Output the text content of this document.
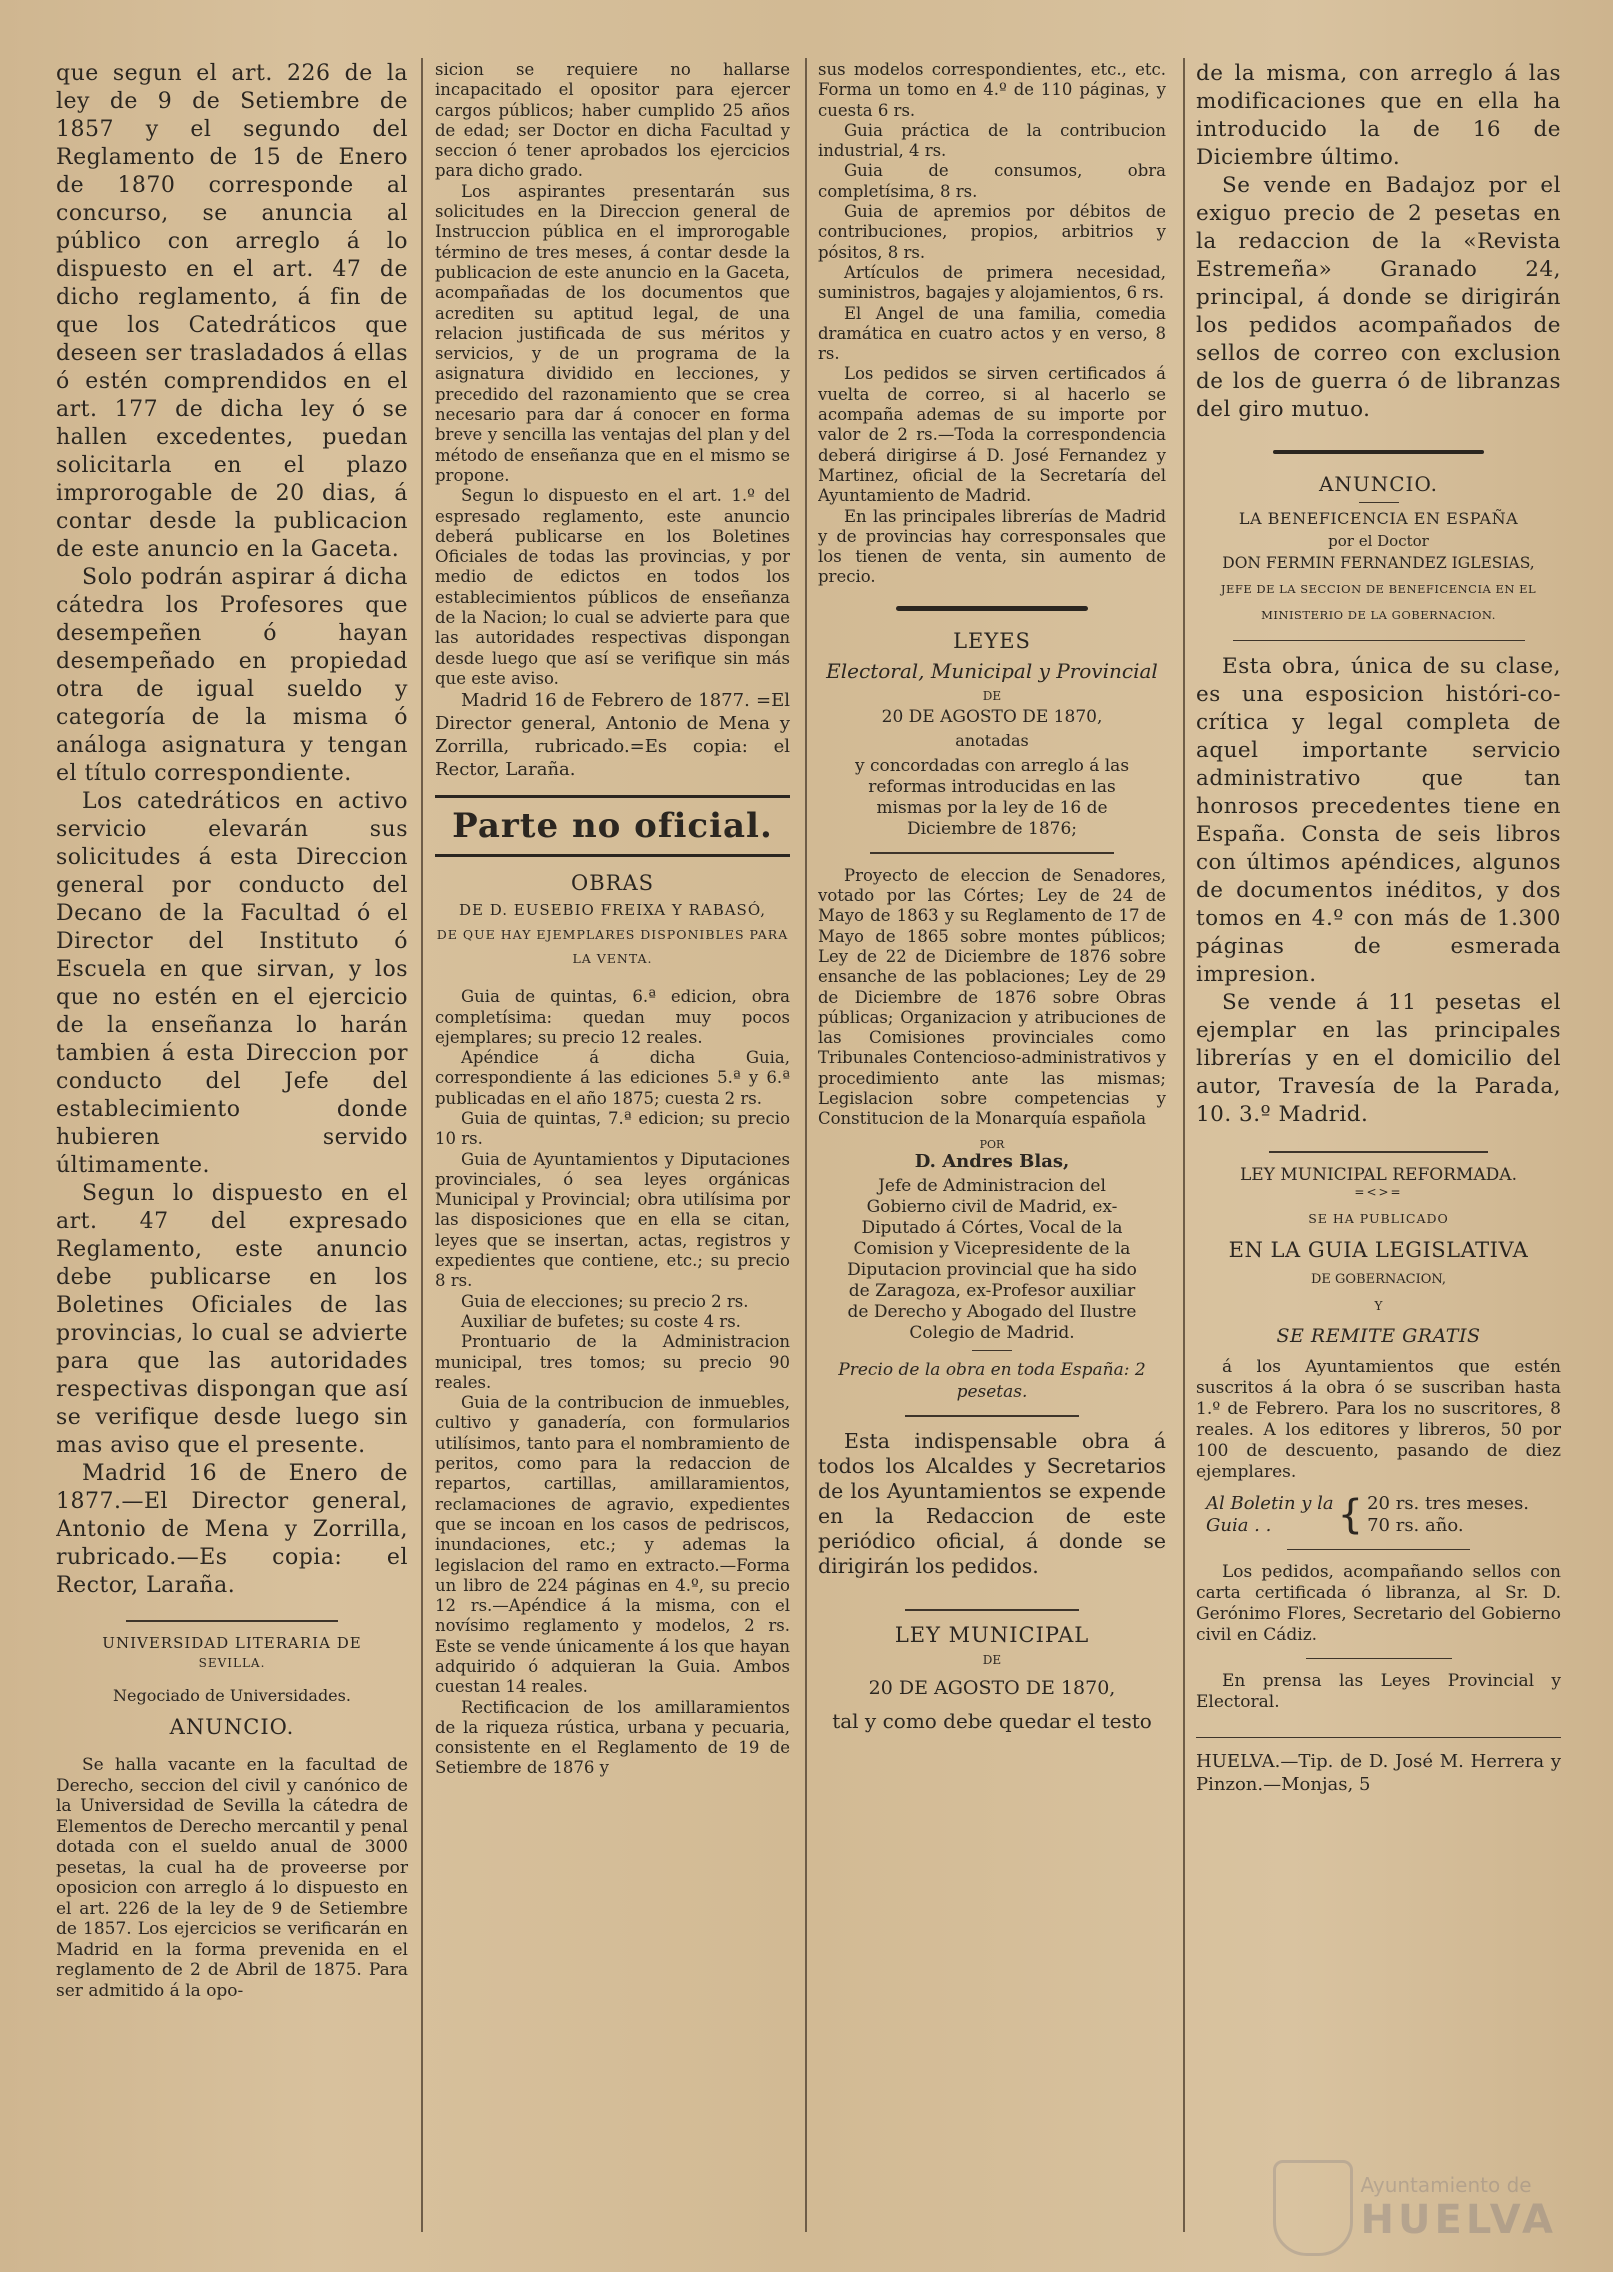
que segun el art. 226 de la ley de 9 de Setiembre de 1857 y el segundo del Reglamento de 15 de Enero de 1870 corresponde al concurso, se anuncia al público con arreglo á lo dispuesto en el art. 47 de dicho reglamento, á fin de que los Catedráticos que deseen ser trasladados á ellas ó estén comprendidos en el art. 177 de dicha ley ó se hallen excedentes, puedan solicitarla en el plazo improrogable de 20 dias, á contar desde la publicacion de este anuncio en la Gaceta.

Solo podrán aspirar á dicha cátedra los Profesores que desempeñen ó hayan desempeñado en propiedad otra de igual sueldo y categoría de la misma ó análoga asignatura y tengan el título correspondiente.

Los catedráticos en activo servicio elevarán sus solicitudes á esta Direccion general por conducto del Decano de la Facultad ó el Director del Instituto ó Escuela en que sirvan, y los que no estén en el ejercicio de la enseñanza lo harán tambien á esta Direccion por conducto del Jefe del establecimiento donde hubieren servido últimamente.

Segun lo dispuesto en el art. 47 del expresado Reglamento, este anuncio debe publicarse en los Boletines Oficiales de las provincias, lo cual se advierte para que las autoridades respectivas dispongan que así se verifique desde luego sin mas aviso que el presente.

Madrid 16 de Enero de 1877.—El Director general, Antonio de Mena y Zorrilla, rubricado.—Es copia: el Rector, Laraña.

UNIVERSIDAD LITERARIA DE
SEVILLA.
Negociado de Universidades.
ANUNCIO.

Se halla vacante en la facultad de Derecho, seccion del civil y canónico de la Universidad de Sevilla la cátedra de Elementos de Derecho mercantil y penal dotada con el sueldo anual de 3000 pesetas, la cual ha de proveerse por oposicion con arreglo á lo dispuesto en el art. 226 de la ley de 9 de Setiembre de 1857. Los ejercicios se verificarán en Madrid en la forma prevenida en el reglamento de 2 de Abril de 1875. Para ser admitido á la opo-

sicion se requiere no hallarse incapacitado el opositor para ejercer cargos públicos; haber cumplido 25 años de edad; ser Doctor en dicha Facultad y seccion ó tener aprobados los ejercicios para dicho grado.

Los aspirantes presentarán sus solicitudes en la Direccion general de Instruccion pública en el improrogable término de tres meses, á contar desde la publicacion de este anuncio en la Gaceta, acompañadas de los documentos que acrediten su aptitud legal, de una relacion justificada de sus méritos y servicios, y de un programa de la asignatura dividido en lecciones, y precedido del razonamiento que se crea necesario para dar á conocer en forma breve y sencilla las ventajas del plan y del método de enseñanza que en el mismo se propone.

Segun lo dispuesto en el art. 1.º del espresado reglamento, este anuncio deberá publicarse en los Boletines Oficiales de todas las provincias, y por medio de edictos en todos los establecimientos públicos de enseñanza de la Nacion; lo cual se advierte para que las autoridades respectivas dispongan desde luego que así se verifique sin más que este aviso.

Madrid 16 de Febrero de 1877. =El Director general, Antonio de Mena y Zorrilla, rubricado.=Es copia: el Rector, Laraña.

Parte no oficial.
OBRAS
DE D. EUSEBIO FREIXA Y RABASÓ,
DE QUE HAY EJEMPLARES DISPONIBLES PARA LA VENTA.

Guia de quintas, 6.ª edicion, obra completísima: quedan muy pocos ejemplares; su precio 12 reales.

Apéndice á dicha Guia, correspondiente á las ediciones 5.ª y 6.ª publicadas en el año 1875; cuesta 2 rs.

Guia de quintas, 7.ª edicion; su precio 10 rs.

Guia de Ayuntamientos y Diputaciones provinciales, ó sea leyes orgánicas Municipal y Provincial; obra utilísima por las disposiciones que en ella se citan, leyes que se insertan, actas, registros y expedientes que contiene, etc.; su precio 8 rs.

Guia de elecciones; su precio 2 rs.

Auxiliar de bufetes; su coste 4 rs.

Prontuario de la Administracion municipal, tres tomos; su precio 90 reales.

Guia de la contribucion de inmuebles, cultivo y ganadería, con formularios utilísimos, tanto para el nombramiento de peritos, como para la redaccion de repartos, cartillas, amillaramientos, reclamaciones de agravio, expedientes que se incoan en los casos de pedriscos, inundaciones, etc.; y ademas la legislacion del ramo en extracto.—Forma un libro de 224 páginas en 4.º, su precio 12 rs.—Apéndice á la misma, con el novísimo reglamento y modelos, 2 rs. Este se vende únicamente á los que hayan adquirido ó adquieran la Guia. Ambos cuestan 14 reales.

Rectificacion de los amillaramientos de la riqueza rústica, urbana y pecuaria, consistente en el Reglamento de 19 de Setiembre de 1876 y

sus modelos correspondientes, etc., etc. Forma un tomo en 4.º de 110 páginas, y cuesta 6 rs.

Guia práctica de la contribucion industrial, 4 rs.

Guia de consumos, obra completísima, 8 rs.

Guia de apremios por débitos de contribuciones, propios, arbitrios y pósitos, 8 rs.

Artículos de primera necesidad, suministros, bagajes y alojamientos, 6 rs.

El Angel de una familia, comedia dramática en cuatro actos y en verso, 8 rs.

Los pedidos se sirven certificados á vuelta de correo, si al hacerlo se acompaña ademas de su importe por valor de 2 rs.—Toda la correspondencia deberá dirigirse á D. José Fernandez y Martinez, oficial de la Secretaría del Ayuntamiento de Madrid.

En las principales librerías de Madrid y de provincias hay corresponsales que los tienen de venta, sin aumento de precio.

LEYES
Electoral, Municipal y Provincial
DE
20 DE AGOSTO DE 1870,
anotadas

y concordadas con arreglo á las reformas introducidas en las mismas por la ley de 16 de Diciembre de 1876;

Proyecto de eleccion de Senadores, votado por las Córtes; Ley de 24 de Mayo de 1863 y su Reglamento de 17 de Mayo de 1865 sobre montes públicos; Ley de 22 de Diciembre de 1876 sobre ensanche de las poblaciones; Ley de 29 de Diciembre de 1876 sobre Obras públicas; Organizacion y atribuciones de las Comisiones provinciales como Tribunales Contencioso-administrativos y procedimiento ante las mismas; Legislacion sobre competencias y Constitucion de la Monarquía española

POR
D. Andres Blas,

Jefe de Administracion del Gobierno civil de Madrid, ex-Diputado á Córtes, Vocal de la Comision y Vicepresidente de la Diputacion provincial que ha sido de Zaragoza, ex-Profesor auxiliar de Derecho y Abogado del Ilustre Colegio de Madrid.

Precio de la obra en toda España: 2 pesetas.

Esta indispensable obra á todos los Alcaldes y Secretarios de los Ayuntamientos se expende en la Redaccion de este periódico oficial, á donde se dirigirán los pedidos.

LEY MUNICIPAL
DE
20 DE AGOSTO DE 1870,
tal y como debe quedar el testo

de la misma, con arreglo á las modificaciones que en ella ha introducido la de 16 de Diciembre último.

Se vende en Badajoz por el exiguo precio de 2 pesetas en la redaccion de la «Revista Estremeña» Granado 24, principal, á donde se dirigirán los pedidos acompañados de sellos de correo con exclusion de los de guerra ó de libranzas del giro mutuo.

ANUNCIO.
LA BENEFICENCIA EN ESPAÑA
por el Doctor
DON FERMIN FERNANDEZ IGLESIAS,

JEFE DE LA SECCION DE BENEFICENCIA EN EL MINISTERIO DE LA GOBERNACION.

Esta obra, única de su clase, es una esposicion históri-co-crítica y legal completa de aquel importante servicio administrativo que tan honrosos precedentes tiene en España. Consta de seis libros con últimos apéndices, algunos de documentos inéditos, y dos tomos en 4.º con más de 1.300 páginas de esmerada impresion.

Se vende á 11 pesetas el ejemplar en las principales librerías y en el domicilio del autor, Travesía de la Parada, 10. 3.º Madrid.

LEY MUNICIPAL REFORMADA.
=<>=
SE HA PUBLICADO
EN LA GUIA LEGISLATIVA
DE GOBERNACION,
Y
SE REMITE GRATIS

á los Ayuntamientos que estén suscritos á la obra ó se suscriban hasta 1.º de Febrero. Para los no suscritores, 8 reales. A los editores y libreros, 50 por 100 de descuento, pasando de diez ejemplares.

Al Boletin y la
Guia . .	{ 20 rs. tres meses.
70 rs. año.

Los pedidos, acompañando sellos con carta certificada ó libranza, al Sr. D. Gerónimo Flores, Secretario del Gobierno civil en Cádiz.

En prensa las Leyes Provincial y Electoral.

HUELVA.—Tip. de D. José M. Herrera y Pinzon.—Monjas, 5

Ayuntamiento de
HUELVA
